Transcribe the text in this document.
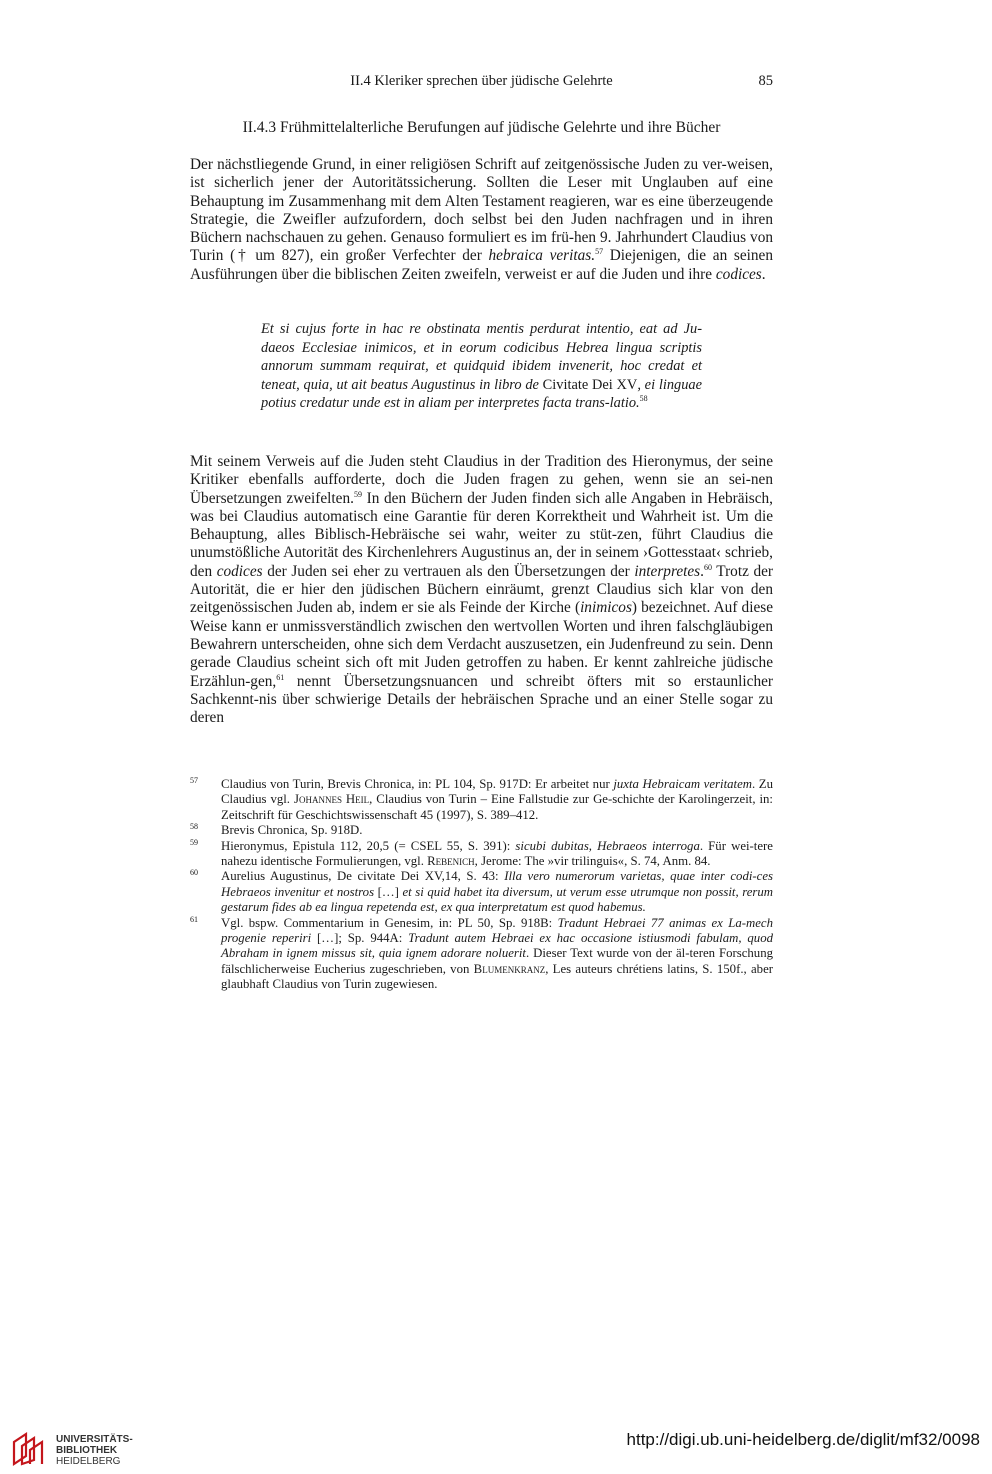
II.4 Kleriker sprechen über jüdische Gelehrte	85
II.4.3 Frühmittelalterliche Berufungen auf jüdische Gelehrte und ihre Bücher
Der nächstliegende Grund, in einer religiösen Schrift auf zeitgenössische Juden zu ver-weisen, ist sicherlich jener der Autoritätssicherung. Sollten die Leser mit Unglauben auf eine Behauptung im Zusammenhang mit dem Alten Testament reagieren, war es eine überzeugende Strategie, die Zweifler aufzufordern, doch selbst bei den Juden nachfragen und in ihren Büchern nachschauen zu gehen. Genauso formuliert es im frü-hen 9. Jahrhundert Claudius von Turin († um 827), ein großer Verfechter der hebraica veritas.$^{57}$ Diejenigen, die an seinen Ausführungen über die biblischen Zeiten zweifeln, verweist er auf die Juden und ihre codices.
Et si cujus forte in hac re obstinata mentis perdurat intentio, eat ad Ju-daeos Ecclesiae inimicos, et in eorum codicibus Hebrea lingua scriptis annorum summam requirat, et quidquid ibidem invenerit, hoc credat et teneat, quia, ut ait beatus Augustinus in libro de Civitate Dei XV, ei linguae potius credatur unde est in aliam per interpretes facta trans-latio.$^{58}$
Mit seinem Verweis auf die Juden steht Claudius in der Tradition des Hieronymus, der seine Kritiker ebenfalls aufforderte, doch die Juden fragen zu gehen, wenn sie an sei-nen Übersetzungen zweifelten.$^{59}$ In den Büchern der Juden finden sich alle Angaben in Hebräisch, was bei Claudius automatisch eine Garantie für deren Korrektheit und Wahrheit ist. Um die Behauptung, alles Biblisch-Hebräische sei wahr, weiter zu stüt-zen, führt Claudius die unumstößliche Autorität des Kirchenlehrers Augustinus an, der in seinem ›Gottesstaat‹ schrieb, den codices der Juden sei eher zu vertrauen als den Übersetzungen der interpretes.$^{60}$ Trotz der Autorität, die er hier den jüdischen Büchern einräumt, grenzt Claudius sich klar von den zeitgenössischen Juden ab, indem er sie als Feinde der Kirche (inimicos) bezeichnet. Auf diese Weise kann er unmissverständlich zwischen den wertvollen Worten und ihren falschgläubigen Bewahrern unterscheiden, ohne sich dem Verdacht auszusetzen, ein Judenfreund zu sein. Denn gerade Claudius scheint sich oft mit Juden getroffen zu haben. Er kennt zahlreiche jüdische Erzählun-gen,$^{61}$ nennt Übersetzungsnuancen und schreibt öfters mit so erstaunlicher Sachkennt-nis über schwierige Details der hebräischen Sprache und an einer Stelle sogar zu deren
57	Claudius von Turin, Brevis Chronica, in: PL 104, Sp. 917D: Er arbeitet nur juxta Hebraicam veritatem. Zu Claudius vgl. Johannes Heil, Claudius von Turin – Eine Fallstudie zur Ge-schichte der Karolingerzeit, in: Zeitschrift für Geschichtswissenschaft 45 (1997), S. 389–412.
58	Brevis Chronica, Sp. 918D.
59	Hieronymus, Epistula 112, 20,5 (= CSEL 55, S. 391): sicubi dubitas, Hebraeos interroga. Für wei-tere nahezu identische Formulierungen, vgl. Rebenich, Jerome: The »vir trilinguis«, S. 74, Anm. 84.
60	Aurelius Augustinus, De civitate Dei XV,14, S. 43: Illa vero numerorum varietas, quae inter codi-ces Hebraeos invenitur et nostros […] et si quid habet ita diversum, ut verum esse utrumque non possit, rerum gestarum fides ab ea lingua repetenda est, ex qua interpretatum est quod habemus.
61	Vgl. bspw. Commentarium in Genesim, in: PL 50, Sp. 918B: Tradunt Hebraei 77 animas ex La-mech progenie reperiri […]; Sp. 944A: Tradunt autem Hebraei ex hac occasione istiusmodi fabulam, quod Abraham in ignem missus sit, quia ignem adorare noluerit. Dieser Text wurde von der äl-teren Forschung fälschlicherweise Eucherius zugeschrieben, von Blumenkranz, Les auteurs chrétiens latins, S. 150f., aber glaubhaft Claudius von Turin zugewiesen.
UNIVERSITÄTS-
BIBLIOTHEK
HEIDELBERG
http://digi.ub.uni-heidelberg.de/diglit/mf32/0098
